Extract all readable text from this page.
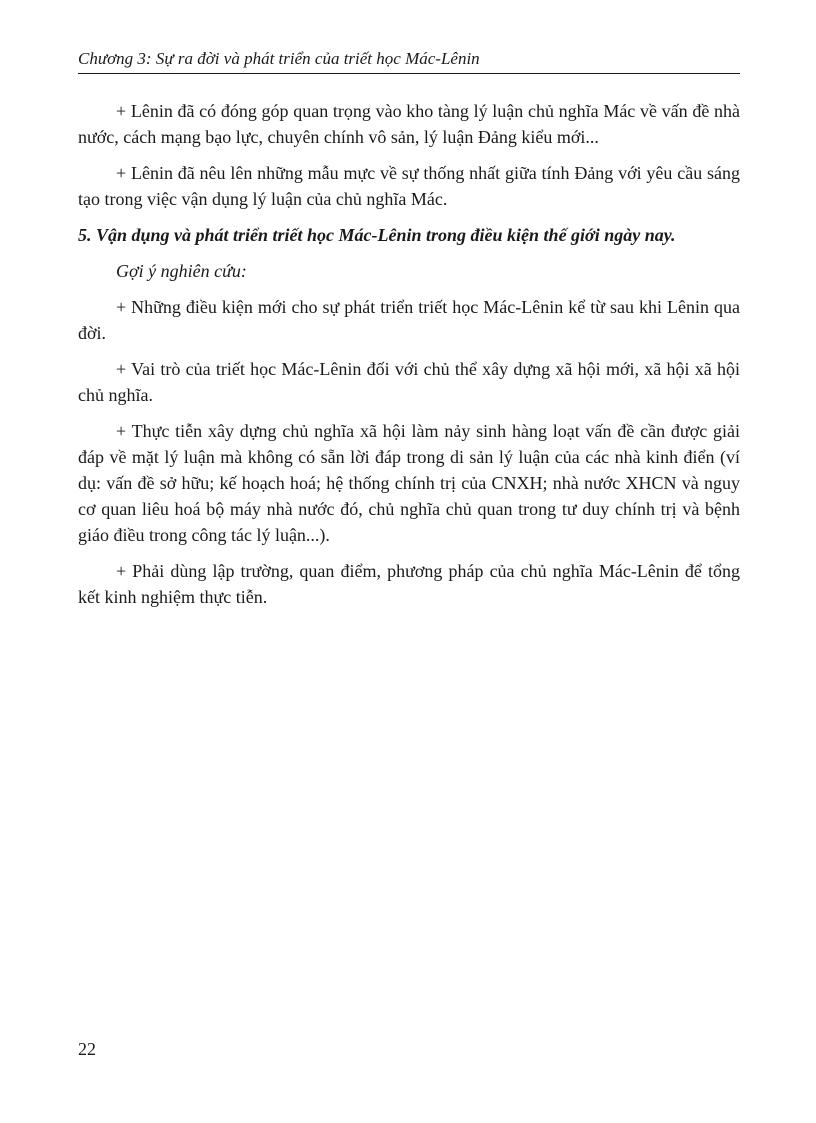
Chương 3: Sự ra đời và phát triển của triết học Mác-Lênin

+ Lênin đã có đóng góp quan trọng vào kho tàng lý luận chủ nghĩa Mác về vấn đề nhà nước, cách mạng bạo lực, chuyên chính vô sản, lý luận Đảng kiểu mới...

+ Lênin đã nêu lên những mẫu mực về sự thống nhất giữa tính Đảng với yêu cầu sáng tạo trong việc vận dụng lý luận của chủ nghĩa Mác.

5. Vận dụng và phát triển triết học Mác-Lênin trong điều kiện thế giới ngày nay.

Gợi ý nghiên cứu:

+ Những điều kiện mới cho sự phát triển triết học Mác-Lênin kể từ sau khi Lênin qua đời.

+ Vai trò của triết học Mác-Lênin đối với chủ thể xây dựng xã hội mới, xã hội xã hội chủ nghĩa.

+ Thực tiễn xây dựng chủ nghĩa xã hội làm nảy sinh hàng loạt vấn đề cần được giải đáp về mặt lý luận mà không có sẵn lời đáp trong di sản lý luận của các nhà kinh điển (ví dụ: vấn đề sở hữu; kế hoạch hoá; hệ thống chính trị của CNXH; nhà nước XHCN và nguy cơ quan liêu hoá bộ máy nhà nước đó, chủ nghĩa chủ quan trong tư duy chính trị và bệnh giáo điều trong công tác lý luận...).

+ Phải dùng lập trường, quan điểm, phương pháp của chủ nghĩa Mác-Lênin để tổng kết kinh nghiệm thực tiễn.

22
